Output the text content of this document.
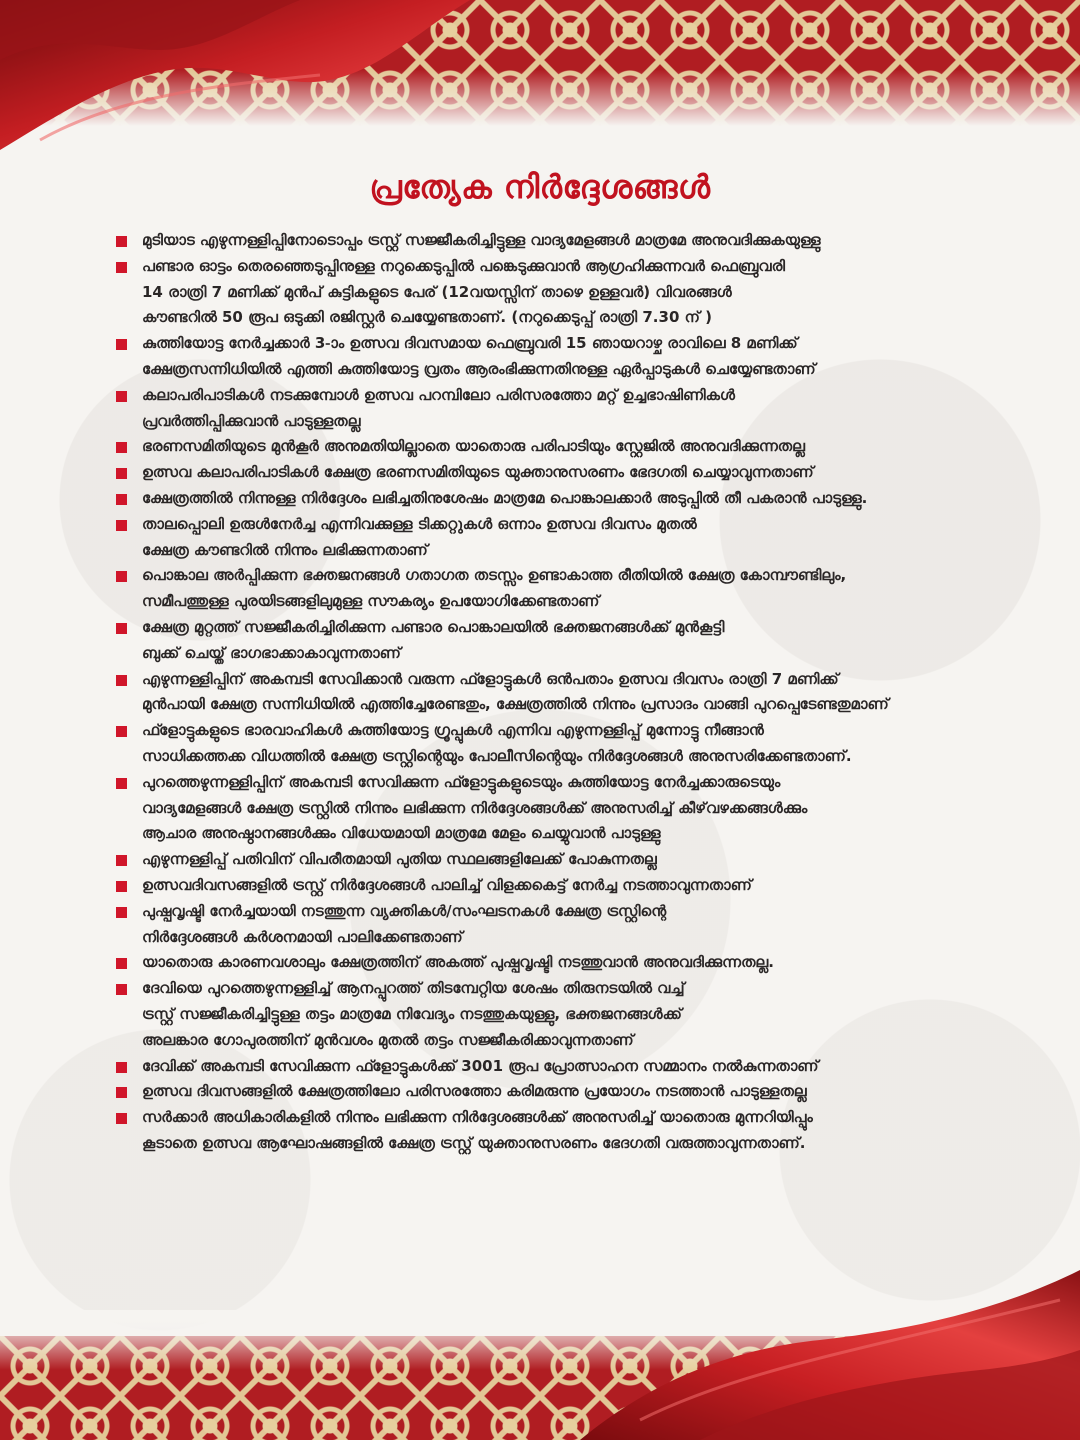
പ്രത്യേക നിർദ്ദേശങ്ങൾ
മുടിയാട എഴുന്നള്ളിപ്പിനോടൊപ്പം ട്രസ്റ്റ് സജ്ജീകരിച്ചിട്ടുള്ള വാദ്യമേളങ്ങൾ മാത്രമേ അനുവദിക്കുകയുള്ളു
പണ്ടാര ഓട്ടം തെരഞ്ഞെടുപ്പിനുള്ള നറുക്കെടുപ്പിൽ പങ്കെടുക്കുവാൻ ആഗ്രഹിക്കുന്നവർ ഫെബ്രുവരി
14 രാത്രി 7 മണിക്ക് മുൻപ് കുട്ടികളുടെ പേര് (12വയസ്സിന് താഴെ ഉള്ളവർ) വിവരങ്ങൾ
കൗണ്ടറിൽ 50 രൂപ ഒടുക്കി രജിസ്റ്റർ ചെയ്യേണ്ടതാണ്. (നറുക്കെടുപ്പ് രാത്രി 7.30 ന് )
കുത്തിയോട്ട നേർച്ചക്കാർ 3-ാം ഉത്സവ ദിവസമായ ഫെബ്രുവരി 15 ഞായറാഴ്ച രാവിലെ 8 മണിക്ക്
ക്ഷേത്രസന്നിധിയിൽ എത്തി കുത്തിയോട്ട വ്രതം ആരംഭിക്കുന്നതിനുള്ള ഏർപ്പാടുകൾ ചെയ്യേണ്ടതാണ്
കലാപരിപാടികൾ നടക്കുമ്പോൾ ഉത്സവ പറമ്പിലോ പരിസരത്തോ മറ്റ് ഉച്ചഭാഷിണികൾ
പ്രവർത്തിപ്പിക്കുവാൻ പാടുള്ളതല്ല
ഭരണസമിതിയുടെ മുൻകൂർ അനുമതിയില്ലാതെ യാതൊരു പരിപാടിയും സ്റ്റേജിൽ അനുവദിക്കുന്നതല്ല
ഉത്സവ കലാപരിപാടികൾ ക്ഷേത്ര ഭരണസമിതിയുടെ യുക്താനുസരണം ഭേദഗതി ചെയ്യാവുന്നതാണ്
ക്ഷേത്രത്തിൽ നിന്നുള്ള നിർദ്ദേശം ലഭിച്ചതിനുശേഷം മാത്രമേ പൊങ്കാലക്കാർ അടുപ്പിൽ തീ പകരാൻ പാടുള്ളു.
താലപ്പൊലി ഉരുൾനേർച്ച എന്നിവക്കുള്ള ടിക്കറ്റുകൾ ഒന്നാം ഉത്സവ ദിവസം മുതൽ
ക്ഷേത്ര കൗണ്ടറിൽ നിന്നും ലഭിക്കുന്നതാണ്
പൊങ്കാല അർപ്പിക്കുന്ന ഭക്തജനങ്ങൾ ഗതാഗത തടസ്സം ഉണ്ടാകാത്ത രീതിയിൽ ക്ഷേത്ര കോമ്പൗണ്ടിലും,
സമീപത്തുള്ള പുരയിടങ്ങളിലുമുള്ള സൗകര്യം ഉപയോഗിക്കേണ്ടതാണ്
ക്ഷേത്ര മുറ്റത്ത് സജ്ജീകരിച്ചിരിക്കുന്ന പണ്ടാര പൊങ്കാലയിൽ ഭക്തജനങ്ങൾക്ക് മുൻകൂട്ടി
ബുക്ക് ചെയ്ത് ഭാഗഭാക്കാകാവുന്നതാണ്
എഴുന്നള്ളിപ്പിന് അകമ്പടി സേവിക്കാൻ വരുന്ന ഫ്ളോട്ടുകൾ ഒൻപതാം ഉത്സവ ദിവസം രാത്രി 7 മണിക്ക്
മുൻപായി ക്ഷേത്ര സന്നിധിയിൽ എത്തിച്ചേരേണ്ടതും, ക്ഷേത്രത്തിൽ നിന്നും പ്രസാദം വാങ്ങി പുറപ്പെടേണ്ടതുമാണ്
ഫ്ളോട്ടുകളുടെ ഭാരവാഹികൾ കുത്തിയോട്ട ഗ്രൂപ്പുകൾ എന്നിവ എഴുന്നള്ളിപ്പ് മുന്നോട്ടു നീങ്ങാൻ
സാധിക്കത്തക്ക വിധത്തിൽ ക്ഷേത്ര ട്രസ്റ്റിന്റെയും പോലീസിന്റെയും നിർദ്ദേശങ്ങൾ അനുസരിക്കേണ്ടതാണ്.
പുറത്തെഴുന്നള്ളിപ്പിന് അകമ്പടി സേവിക്കുന്ന ഫ്ളോട്ടുകളുടെയും കുത്തിയോട്ട നേർച്ചക്കാരുടെയും
വാദ്യമേളങ്ങൾ ക്ഷേത്ര ട്രസ്റ്റിൽ നിന്നും ലഭിക്കുന്ന നിർദ്ദേശങ്ങൾക്ക് അനുസരിച്ച് കീഴ്‌വഴക്കങ്ങൾക്കും
ആചാര അനുഷ്ഠാനങ്ങൾക്കും വിധേയമായി മാത്രമേ മേളം ചെയ്യുവാൻ പാടുള്ളു
എഴുന്നള്ളിപ്പ് പതിവിന് വിപരീതമായി പുതിയ സ്ഥലങ്ങളിലേക്ക് പോകുന്നതല്ല
ഉത്സവദിവസങ്ങളിൽ ട്രസ്റ്റ് നിർദ്ദേശങ്ങൾ പാലിച്ച് വിളക്കകെട്ട് നേർച്ച നടത്താവുന്നതാണ്
പുഷ്പവൃഷ്ടി നേർച്ചയായി നടത്തുന്ന വ്യക്തികൾ/സംഘടനകൾ ക്ഷേത്ര ട്രസ്റ്റിന്റെ
നിർദ്ദേശങ്ങൾ കർശനമായി പാലിക്കേണ്ടതാണ്
യാതൊരു കാരണവശാലും ക്ഷേത്രത്തിന് അകത്ത് പുഷ്പവൃഷ്ടി നടത്തുവാൻ അനുവദിക്കുന്നതല്ല.
ദേവിയെ പുറത്തെഴുന്നള്ളിച്ച് ആനപ്പുറത്ത് തിടമ്പേറ്റിയ ശേഷം തിരുനടയിൽ വച്ച്
ട്രസ്റ്റ് സജ്ജീകരിച്ചിട്ടുള്ള തട്ടം മാത്രമേ നിവേദ്യം നടത്തുകയുള്ളു, ഭക്തജനങ്ങൾക്ക്
അലങ്കാര ഗോപുരത്തിന് മുൻവശം മുതൽ തട്ടം സജ്ജീകരിക്കാവുന്നതാണ്
ദേവിക്ക് അകമ്പടി സേവിക്കുന്ന ഫ്ളോട്ടുകൾക്ക് 3001 രൂപ പ്രോത്സാഹന സമ്മാനം നൽകുന്നതാണ്
ഉത്സവ ദിവസങ്ങളിൽ ക്ഷേത്രത്തിലോ പരിസരത്തോ കരിമരുന്നു പ്രയോഗം നടത്താൻ പാടുള്ളതല്ല
സർക്കാർ അധികാരികളിൽ നിന്നും ലഭിക്കുന്ന നിർദ്ദേശങ്ങൾക്ക് അനുസരിച്ച് യാതൊരു മുന്നറിയിപ്പും
കൂടാതെ ഉത്സവ ആഘോഷങ്ങളിൽ ക്ഷേത്ര ട്രസ്റ്റ് യുക്താനുസരണം ഭേദഗതി വരുത്താവുന്നതാണ്.
